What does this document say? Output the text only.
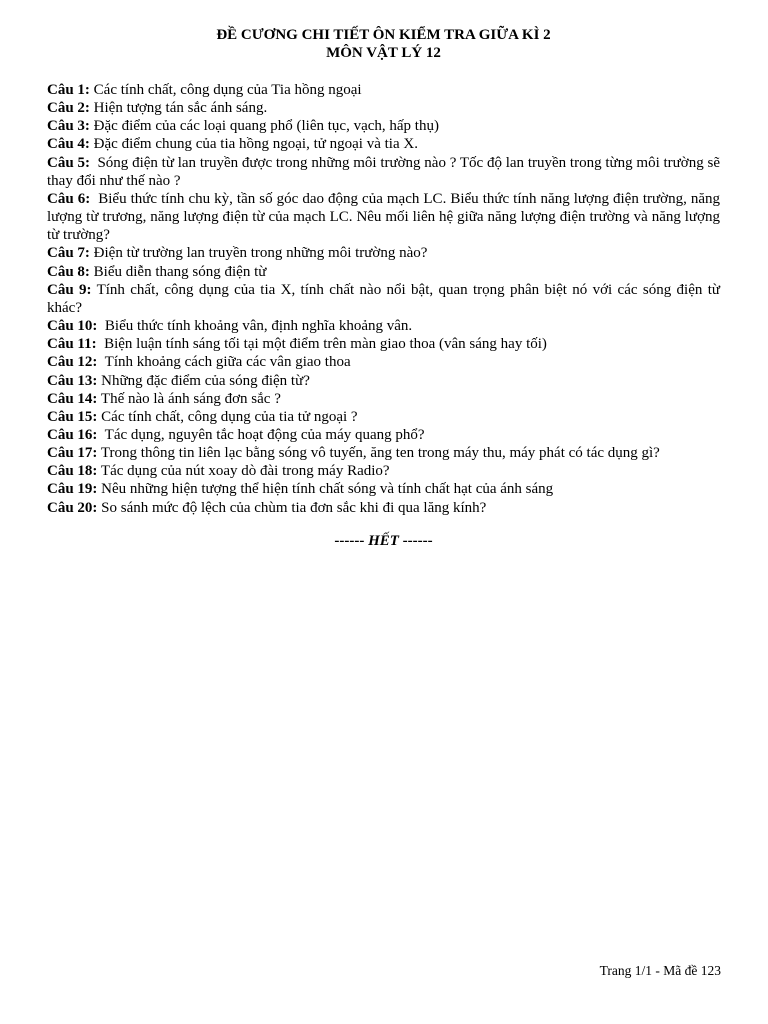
ĐỀ CƯƠNG CHI TIẾT ÔN KIỂM TRA GIỮA KÌ 2

MÔN VẬT LÝ 12

Câu 1: Các tính chất, công dụng của Tia hồng ngoại

Câu 2: Hiện tượng tán sắc ánh sáng.

Câu 3: Đặc điểm của các loại quang phổ (liên tục, vạch, hấp thụ)

Câu 4: Đặc điểm chung của tia hồng ngoại, tử ngoại và tia X.

Câu 5:  Sóng điện từ lan truyền được trong những môi trường nào ? Tốc độ lan truyền trong từng môi trường sẽ thay đổi như thế nào ?

Câu 6:  Biểu thức tính chu kỳ, tần số góc dao động của mạch LC. Biểu thức tính năng lượng điện trường, năng lượng từ trương, năng lượng điện từ của mạch LC. Nêu mối liên hệ giữa năng lượng điện trường và năng lượng từ trường?

Câu 7: Điện từ trường lan truyền trong những môi trường nào?

Câu 8: Biểu diễn thang sóng điện từ

Câu 9: Tính chất, công dụng của tia X, tính chất nào nổi bật, quan trọng phân biệt nó với các sóng điện từ khác?

Câu 10:  Biểu thức tính khoảng vân, định nghĩa khoảng vân.

Câu 11:  Biện luận tính sáng tối tại một điểm trên màn giao thoa (vân sáng hay tối)

Câu 12:  Tính khoảng cách giữa các vân giao thoa

Câu 13: Những đặc điểm của sóng điện từ?

Câu 14: Thế nào là ánh sáng đơn sắc ?

Câu 15: Các tính chất, công dụng của tia tử ngoại ?

Câu 16:  Tác dụng, nguyên tắc hoạt động của máy quang phổ?

Câu 17: Trong thông tin liên lạc bằng sóng vô tuyến, ăng ten trong máy thu, máy phát có tác dụng gì?

Câu 18: Tác dụng của nút xoay dò đài trong máy Radio?

Câu 19: Nêu những hiện tượng thể hiện tính chất sóng và tính chất hạt của ánh sáng

Câu 20: So sánh mức độ lệch của chùm tia đơn sắc khi đi qua lăng kính?

------ HẾT ------
Trang 1/1 - Mã đề 123
